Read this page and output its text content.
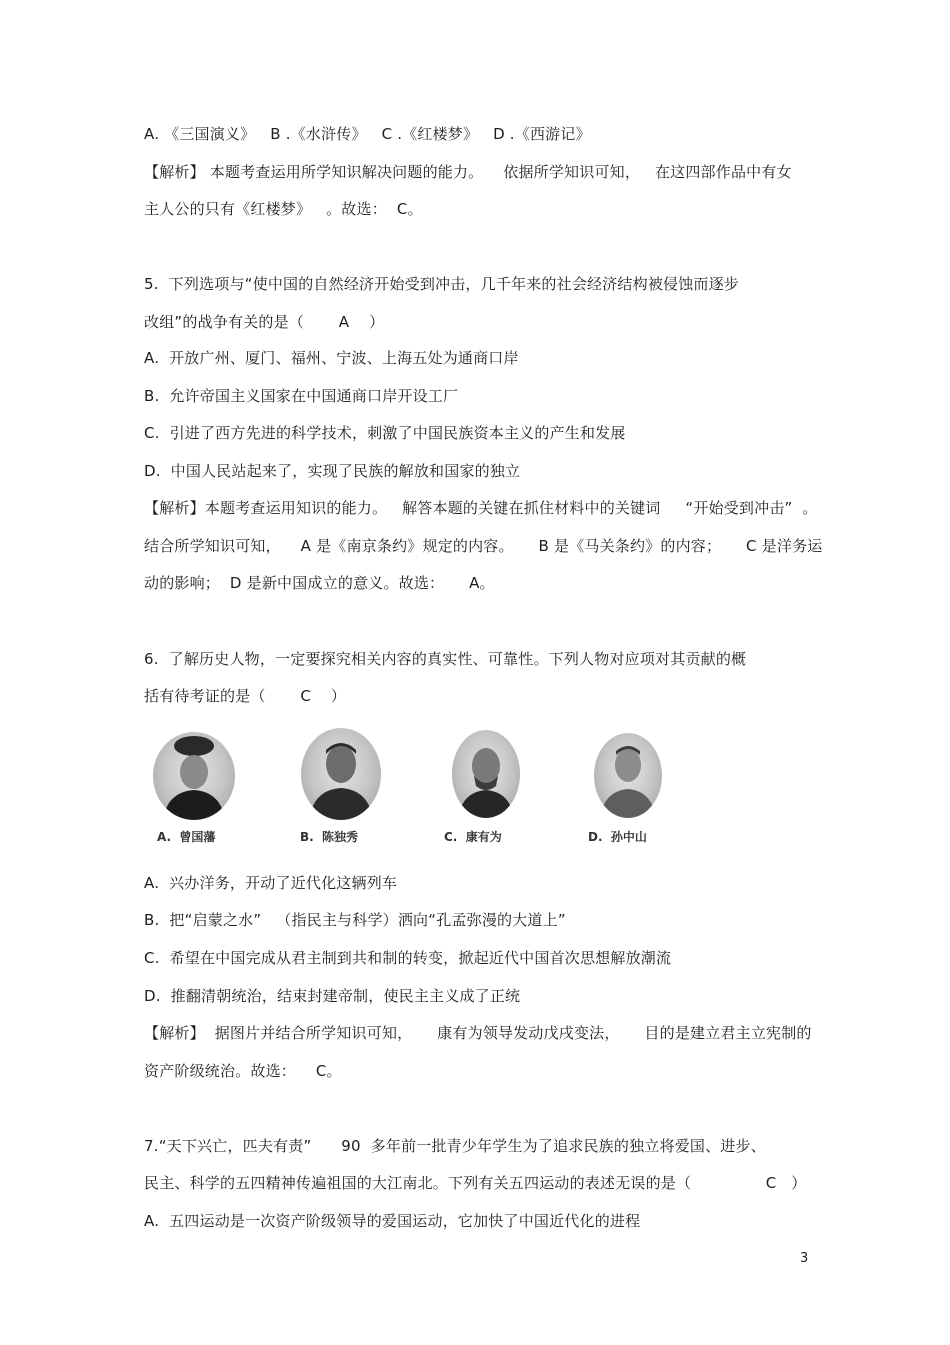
A. 《三国演义》   B .《水浒传》   C .《红楼梦》   D .《西游记》
【解析】 本题考查运用所学知识解决问题的能力。    依据所学知识可知，   在这四部作品中有女
主人公的只有《红楼梦》   。故选：  C。
5.  下列选项与“使中国的自然经济开始受到冲击，几千年来的社会经济结构被侵蚀而逐步
改组”的战争有关的是（       A    ）
A.  开放广州、厦门、福州、宁波、上海五处为通商口岸
B.  允许帝国主义国家在中国通商口岸开设工厂
C.  引进了西方先进的科学技术，刺激了中国民族资本主义的产生和发展
D.  中国人民站起来了，实现了民族的解放和国家的独立
【解析】本题考查运用知识的能力。   解答本题的关键在抓住材料中的关键词     “开始受到冲击”  。
结合所学知识可知，    A 是《南京条约》规定的内容。     B 是《马关条约》的内容；     C 是洋务运
动的影响；  D 是新中国成立的意义。故选：     A。
6.  了解历史人物，一定要探究相关内容的真实性、可靠性。下列人物对应项对其贡献的概
括有待考证的是（       C    ）
A.  曾国藩	B.  陈独秀	C.  康有为	D.  孙中山
A.  兴办洋务，开动了近代化这辆列车
B.  把“启蒙之水”   （指民主与科学）洒向“孔孟弥漫的大道上”
C.  希望在中国完成从君主制到共和制的转变，掀起近代中国首次思想解放潮流
D.  推翻清朝统治，结束封建帝制，使民主主义成了正统
【解析】  据图片并结合所学知识可知，     康有为领导发动戊戌变法，     目的是建立君主立宪制的
资产阶级统治。故选：    C。
7.“天下兴亡，匹夫有责”      90  多年前一批青少年学生为了追求民族的独立将爱国、进步、
民主、科学的五四精神传遍祖国的大江南北。下列有关五四运动的表述无误的是（               C   ）
A.  五四运动是一次资产阶级领导的爱国运动，它加快了中国近代化的进程
3
